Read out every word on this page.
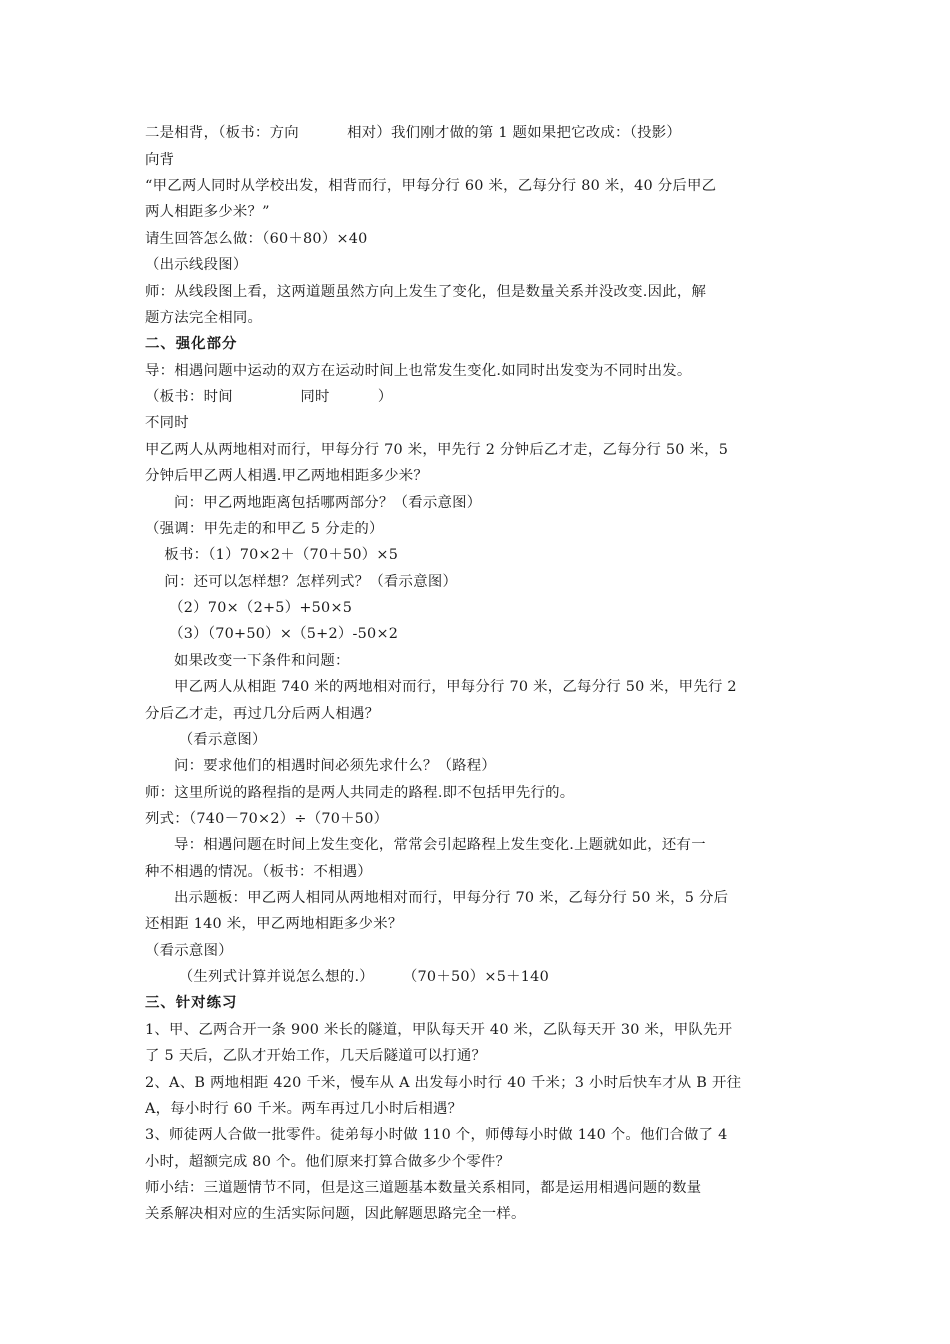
二是相背，（板书：方向          相对）我们刚才做的第 1 题如果把它改成：（投影）
向背
“甲乙两人同时从学校出发，相背而行，甲每分行 60 米，乙每分行 80 米，40 分后甲乙
两人相距多少米？”
请生回答怎么做：（60＋80）×40
（出示线段图）
师：从线段图上看，这两道题虽然方向上发生了变化，但是数量关系并没改变.因此，解
题方法完全相同。
二、强化部分
导：相遇问题中运动的双方在运动时间上也常发生变化.如同时出发变为不同时出发。
（板书：时间              同时          ）
不同时
甲乙两人从两地相对而行，甲每分行 70 米，甲先行 2 分钟后乙才走，乙每分行 50 米，5
分钟后甲乙两人相遇.甲乙两地相距多少米？
问：甲乙两地距离包括哪两部分？（看示意图）
（强调：甲先走的和甲乙 5 分走的）
板书：（1）70×2＋（70＋50）×5
问：还可以怎样想？怎样列式？（看示意图）
（2）70×（2+5）+50×5
（3）（70+50）×（5+2）-50×2
如果改变一下条件和问题：
甲乙两人从相距 740 米的两地相对而行，甲每分行 70 米，乙每分行 50 米，甲先行 2
分后乙才走，再过几分后两人相遇？
（看示意图）
问：要求他们的相遇时间必须先求什么？（路程）
师：这里所说的路程指的是两人共同走的路程.即不包括甲先行的。
列式：（740－70×2）÷（70＋50）
导：相遇问题在时间上发生变化，常常会引起路程上发生变化.上题就如此，还有一
种不相遇的情况。（板书：不相遇）
出示题板：甲乙两人相同从两地相对而行，甲每分行 70 米，乙每分行 50 米，5 分后
还相距 140 米，甲乙两地相距多少米？
（看示意图）
（生列式计算并说怎么想的.）      （70＋50）×5＋140
三、针对练习
1、甲、乙两合开一条 900 米长的隧道，甲队每天开 40 米，乙队每天开 30 米，甲队先开
了 5 天后，乙队才开始工作，几天后隧道可以打通？
2、A、B 两地相距 420 千米，慢车从 A 出发每小时行 40 千米；3 小时后快车才从 B 开往
A，每小时行 60 千米。两车再过几小时后相遇？
3、师徒两人合做一批零件。徒弟每小时做 110 个，师傅每小时做 140 个。他们合做了 4
小时，超额完成 80 个。他们原来打算合做多少个零件？
师小结：三道题情节不同，但是这三道题基本数量关系相同，都是运用相遇问题的数量
关系解决相对应的生活实际问题，因此解题思路完全一样。
